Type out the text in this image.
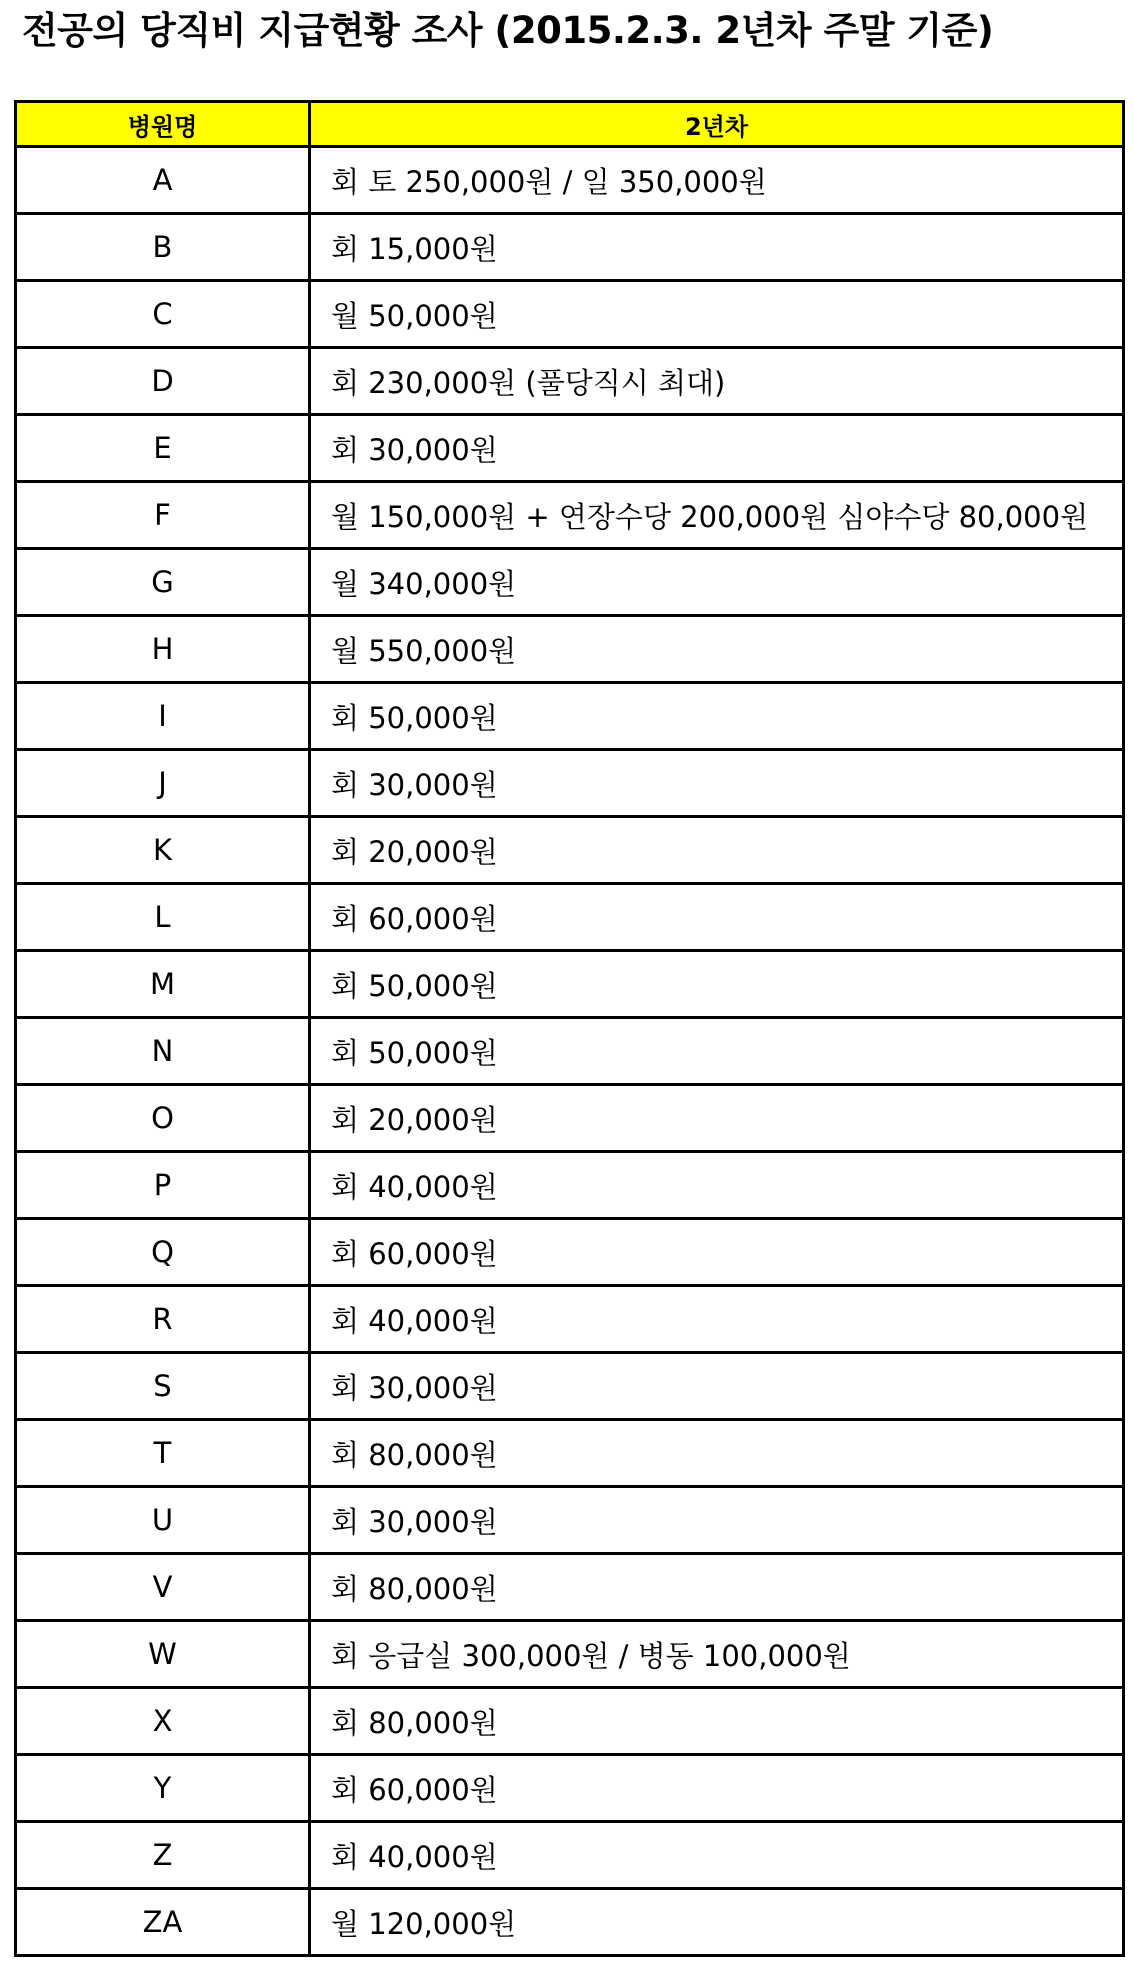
전공의 당직비 지급현황 조사 (2015.2.3. 2년차 주말 기준)
병원명	2년차
A	회 토 250,000원 / 일 350,000원
B	회 15,000원
C	월 50,000원
D	회 230,000원 (풀당직시 최대)
E	회 30,000원
F	월 150,000원 + 연장수당 200,000원 심야수당 80,000원
G	월 340,000원
H	월 550,000원
I	회 50,000원
J	회 30,000원
K	회 20,000원
L	회 60,000원
M	회 50,000원
N	회 50,000원
O	회 20,000원
P	회 40,000원
Q	회 60,000원
R	회 40,000원
S	회 30,000원
T	회 80,000원
U	회 30,000원
V	회 80,000원
W	회 응급실 300,000원 / 병동 100,000원
X	회 80,000원
Y	회 60,000원
Z	회 40,000원
ZA	월 120,000원
